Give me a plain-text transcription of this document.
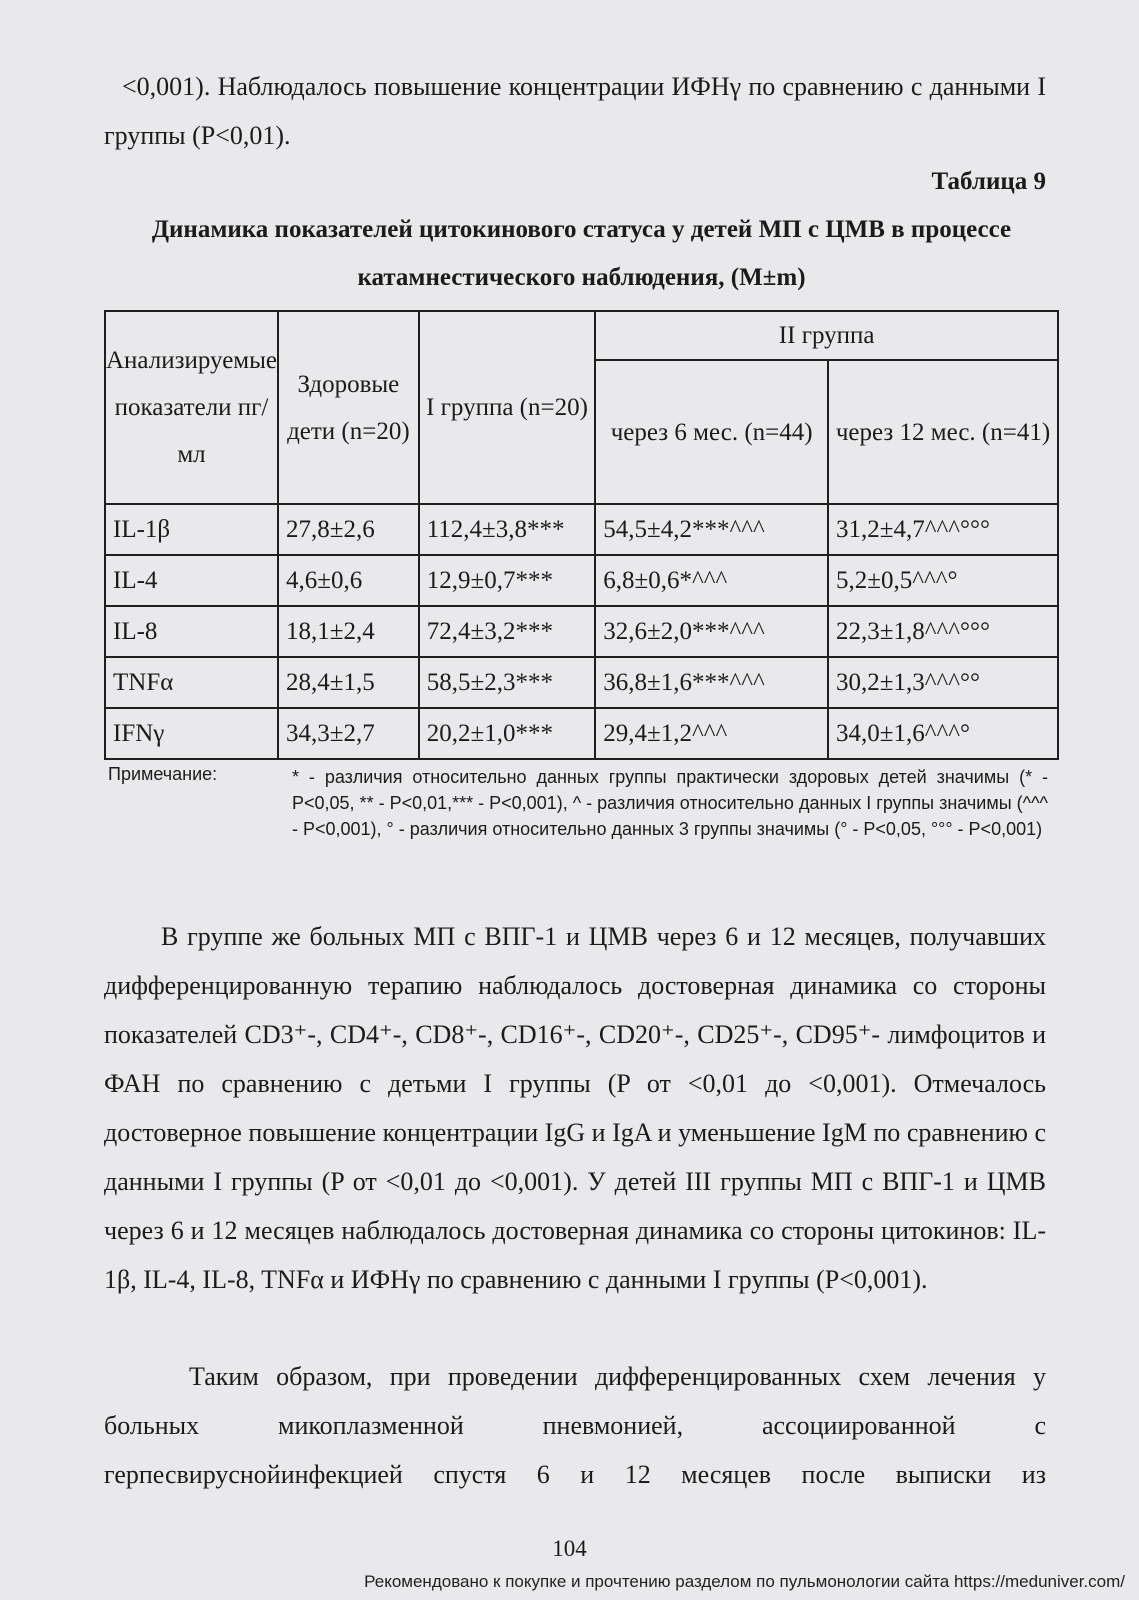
<0,001). Наблюдалось повышение концентрации ИФНγ по сравнению с данными I группы (P<0,01).

Таблица 9
Динамика показателей цитокинового статуса у детей МП с ЦМВ в процессе катамнестического наблюдения, (M±m)
Анализируемые показатели пг/мл	Здоровые дети (n=20)	I группа (n=20)	II группа	
			через 6 мес. (n=44)	через 12 мес. (n=41)
IL-1β	27,8±2,6	112,4±3,8***	54,5±4,2***^^^	31,2±4,7^^^°°°
IL-4	4,6±0,6	12,9±0,7***	6,8±0,6*^^^	5,2±0,5^^^°
IL-8	18,1±2,4	72,4±3,2***	32,6±2,0***^^^	22,3±1,8^^^°°°
TNFα	28,4±1,5	58,5±2,3***	36,8±1,6***^^^	30,2±1,3^^^°°
IFNγ	34,3±2,7	20,2±1,0***	29,4±1,2^^^	34,0±1,6^^^°
Примечание:	* - различия относительно данных группы практически здоровых детей значимы (* - P<0,05, ** - P<0,01,*** - P<0,001), ^ - различия относительно данных I группы значимы (^^^ - P<0,001), ° - различия относительно данных 3 группы значимы (° - P<0,05, °°° - P<0,001)

В группе же больных МП с ВПГ-1 и ЦМВ через 6 и 12 месяцев, получавших дифференцированную терапию наблюдалось достоверная динамика со стороны показателей CD3⁺-, CD4⁺-, CD8⁺-, CD16⁺-, CD20⁺-, CD25⁺-, CD95⁺- лимфоцитов и ФАН по сравнению с детьми I группы (P от <0,01 до <0,001). Отмечалось достоверное повышение концентрации IgG и IgA и уменьшение IgM по сравнению с данными I группы (P от <0,01 до <0,001). У детей III группы МП с ВПГ-1 и ЦМВ через 6 и 12 месяцев наблюдалось достоверная динамика со стороны цитокинов: IL-1β, IL-4, IL-8, TNFα и ИФНγ по сравнению с данными I группы (P<0,001).

Таким образом, при проведении дифференцированных схем лечения у больных микоплазменной пневмонией, ассоциированной с герпесвируснойинфекцией спустя 6 и 12 месяцев после выписки из

104
Рекомендовано к покупке и прочтению разделом по пульмонологии сайта https://meduniver.com/
